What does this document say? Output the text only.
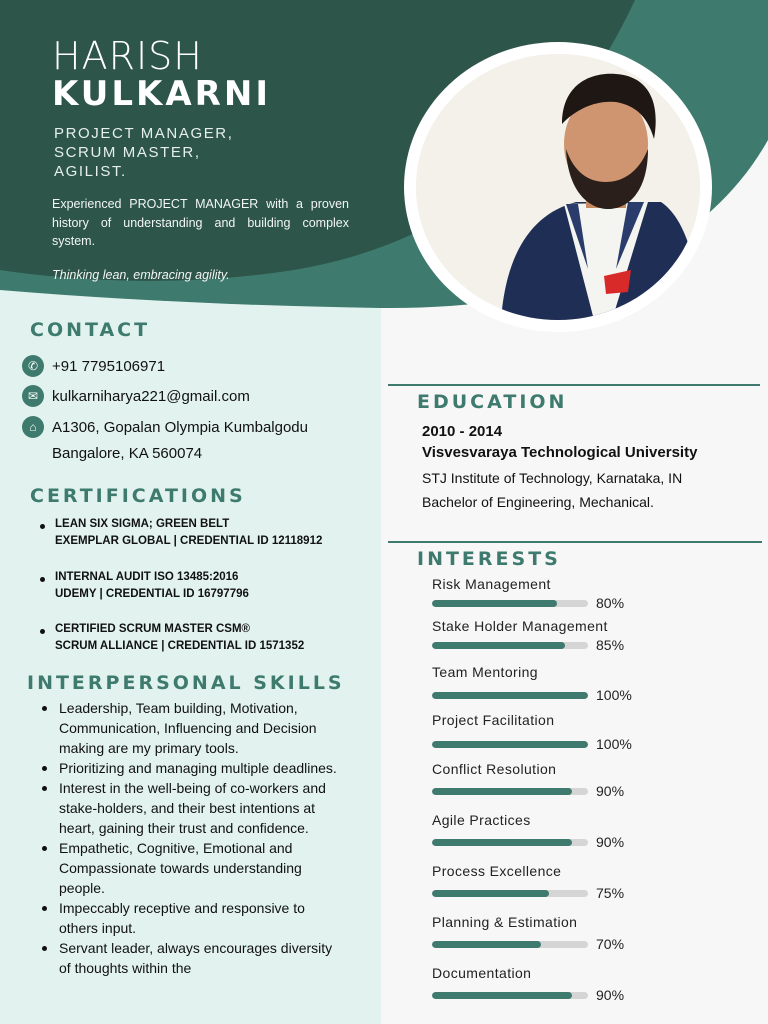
HARISH
KULKARNI
PROJECT MANAGER,
SCRUM MASTER,
AGILIST.
Experienced PROJECT MANAGER with a proven history of understanding and building complex system.
Thinking lean, embracing agility.
CONTACT
✆ +91 7795106971
✉ kulkarniharya221@gmail.com
⌂	A1306, Gopalan Olympia Kumbalgodu
Bangalore, KA 560074
CERTIFICATIONS
LEAN SIX SIGMA; GREEN BELT
EXEMPLAR GLOBAL | CREDENTIAL ID 12118912
INTERNAL AUDIT ISO 13485:2016
UDEMY | CREDENTIAL ID 16797796
CERTIFIED SCRUM MASTER CSM®
SCRUM ALLIANCE | CREDENTIAL ID 1571352
INTERPERSONAL SKILLS
Leadership, Team building, Motivation, Communication, Influencing and Decision making are my primary tools.
Prioritizing and managing multiple deadlines.
Interest in the well-being of co-workers and stake-holders, and their best intentions at heart, gaining their trust and confidence.
Empathetic, Cognitive, Emotional and Compassionate towards understanding people.
Impeccably receptive and responsive to others input.
Servant leader, always encourages diversity of thoughts within the
EDUCATION
2010 - 2014
Visvesvaraya Technological University
STJ Institute of Technology, Karnataka, IN
Bachelor of Engineering, Mechanical.
INTERESTS
Risk Management
80%
Stake Holder Management
85%
Team Mentoring
100%
Project Facilitation
100%
Conflict Resolution
90%
Agile Practices
90%
Process Excellence
75%
Planning & Estimation
70%
Documentation
90%
